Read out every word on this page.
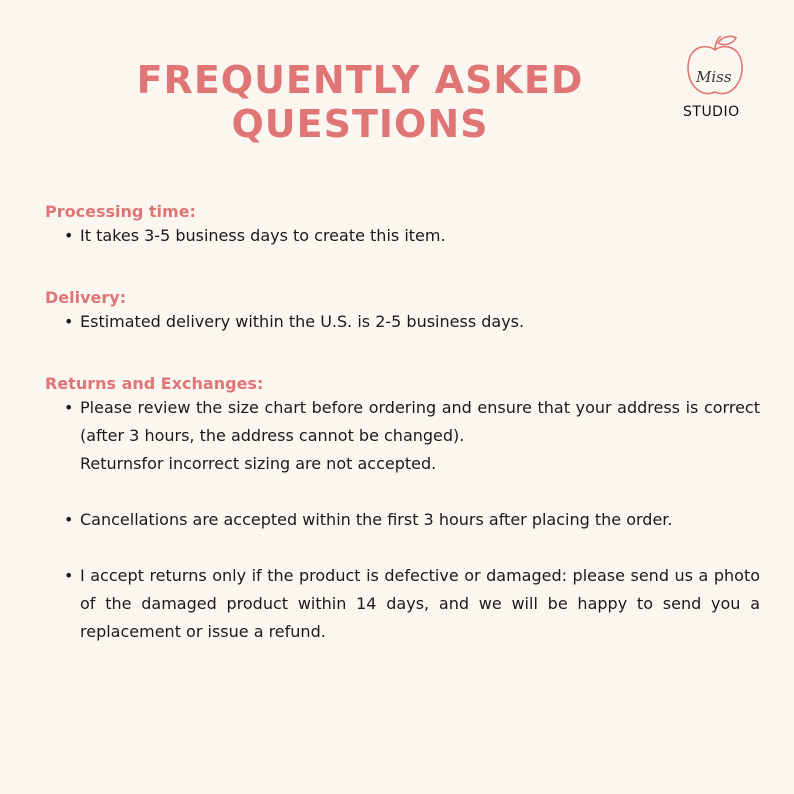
FREQUENTLY ASKED
QUESTIONS
Miss
STUDIO
Processing time:
• It takes 3-5 business days to create this item.
Delivery:
• Estimated delivery within the U.S. is 2-5 business days.
Returns and Exchanges:
• Please review the size chart before ordering and ensure that your address is correct (after 3 hours, the address cannot be changed).
Returnsfor incorrect sizing are not accepted.
• Cancellations are accepted within the first 3 hours after placing the order.
• I accept returns only if the product is defective or damaged: please send us a photo of the damaged product within 14 days, and we will be happy to send you a replacement or issue a refund.
